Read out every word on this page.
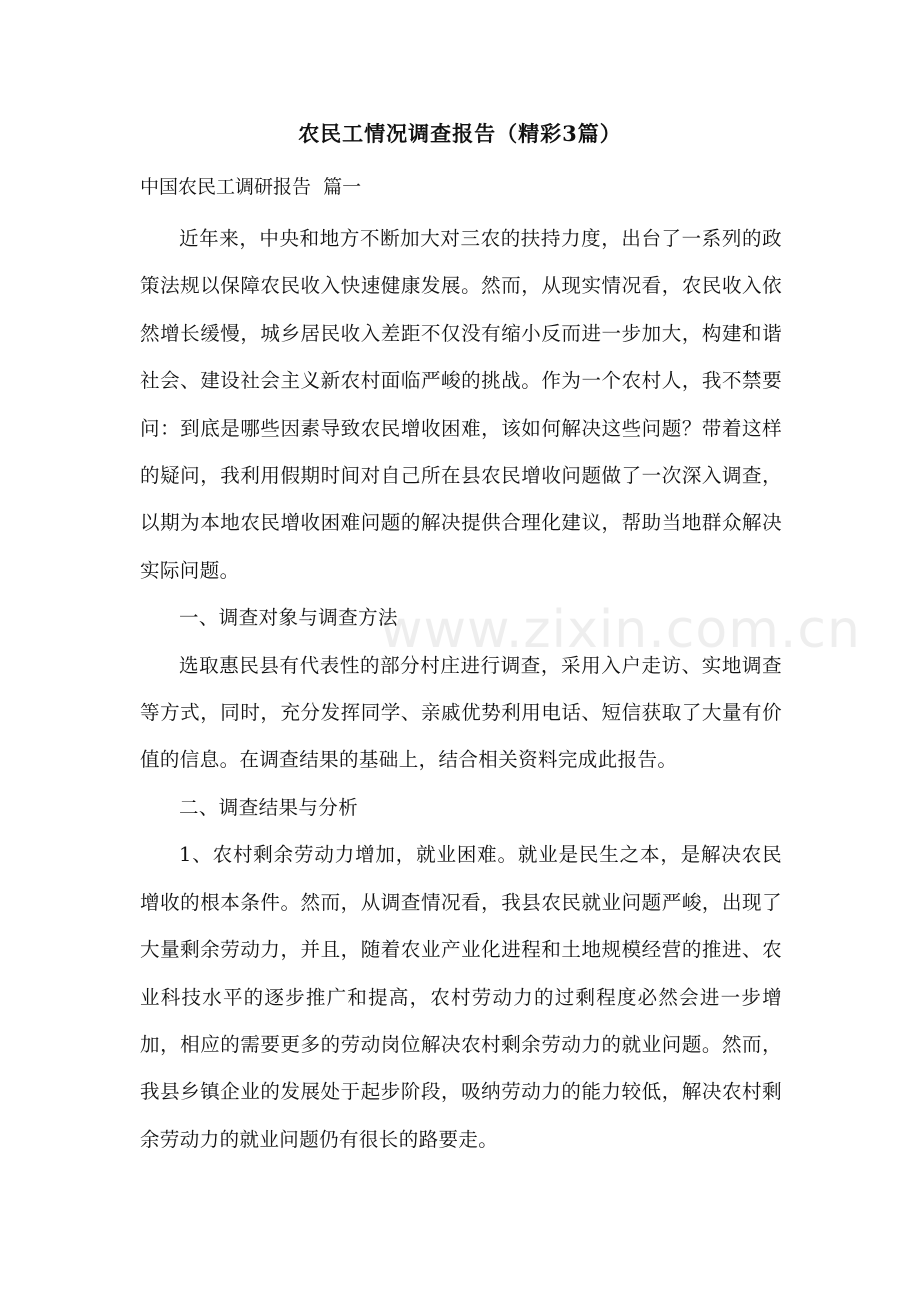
农民工情况调查报告（精彩3篇）

中国农民工调研报告  篇一

近年来，中央和地方不断加大对三农的扶持力度，出台了一系列的政策法规以保障农民收入快速健康发展。然而，从现实情况看，农民收入依然增长缓慢，城乡居民收入差距不仅没有缩小反而进一步加大，构建和谐社会、建设社会主义新农村面临严峻的挑战。作为一个农村人，我不禁要问：到底是哪些因素导致农民增收困难，该如何解决这些问题？带着这样的疑问，我利用假期时间对自己所在县农民增收问题做了一次深入调查，以期为本地农民增收困难问题的解决提供合理化建议，帮助当地群众解决实际问题。

一、调查对象与调查方法

选取惠民县有代表性的部分村庄进行调查，采用入户走访、实地调查等方式，同时，充分发挥同学、亲戚优势利用电话、短信获取了大量有价值的信息。在调查结果的基础上，结合相关资料完成此报告。

二、调查结果与分析

1、农村剩余劳动力增加，就业困难。就业是民生之本，是解决农民增收的根本条件。然而，从调查情况看，我县农民就业问题严峻，出现了大量剩余劳动力，并且，随着农业产业化进程和土地规模经营的推进、农业科技水平的逐步推广和提高，农村劳动力的过剩程度必然会进一步增加，相应的需要更多的劳动岗位解决农村剩余劳动力的就业问题。然而，我县乡镇企业的发展处于起步阶段，吸纳劳动力的能力较低，解决农村剩余劳动力的就业问题仍有很长的路要走。

www.zixin.com.cn
